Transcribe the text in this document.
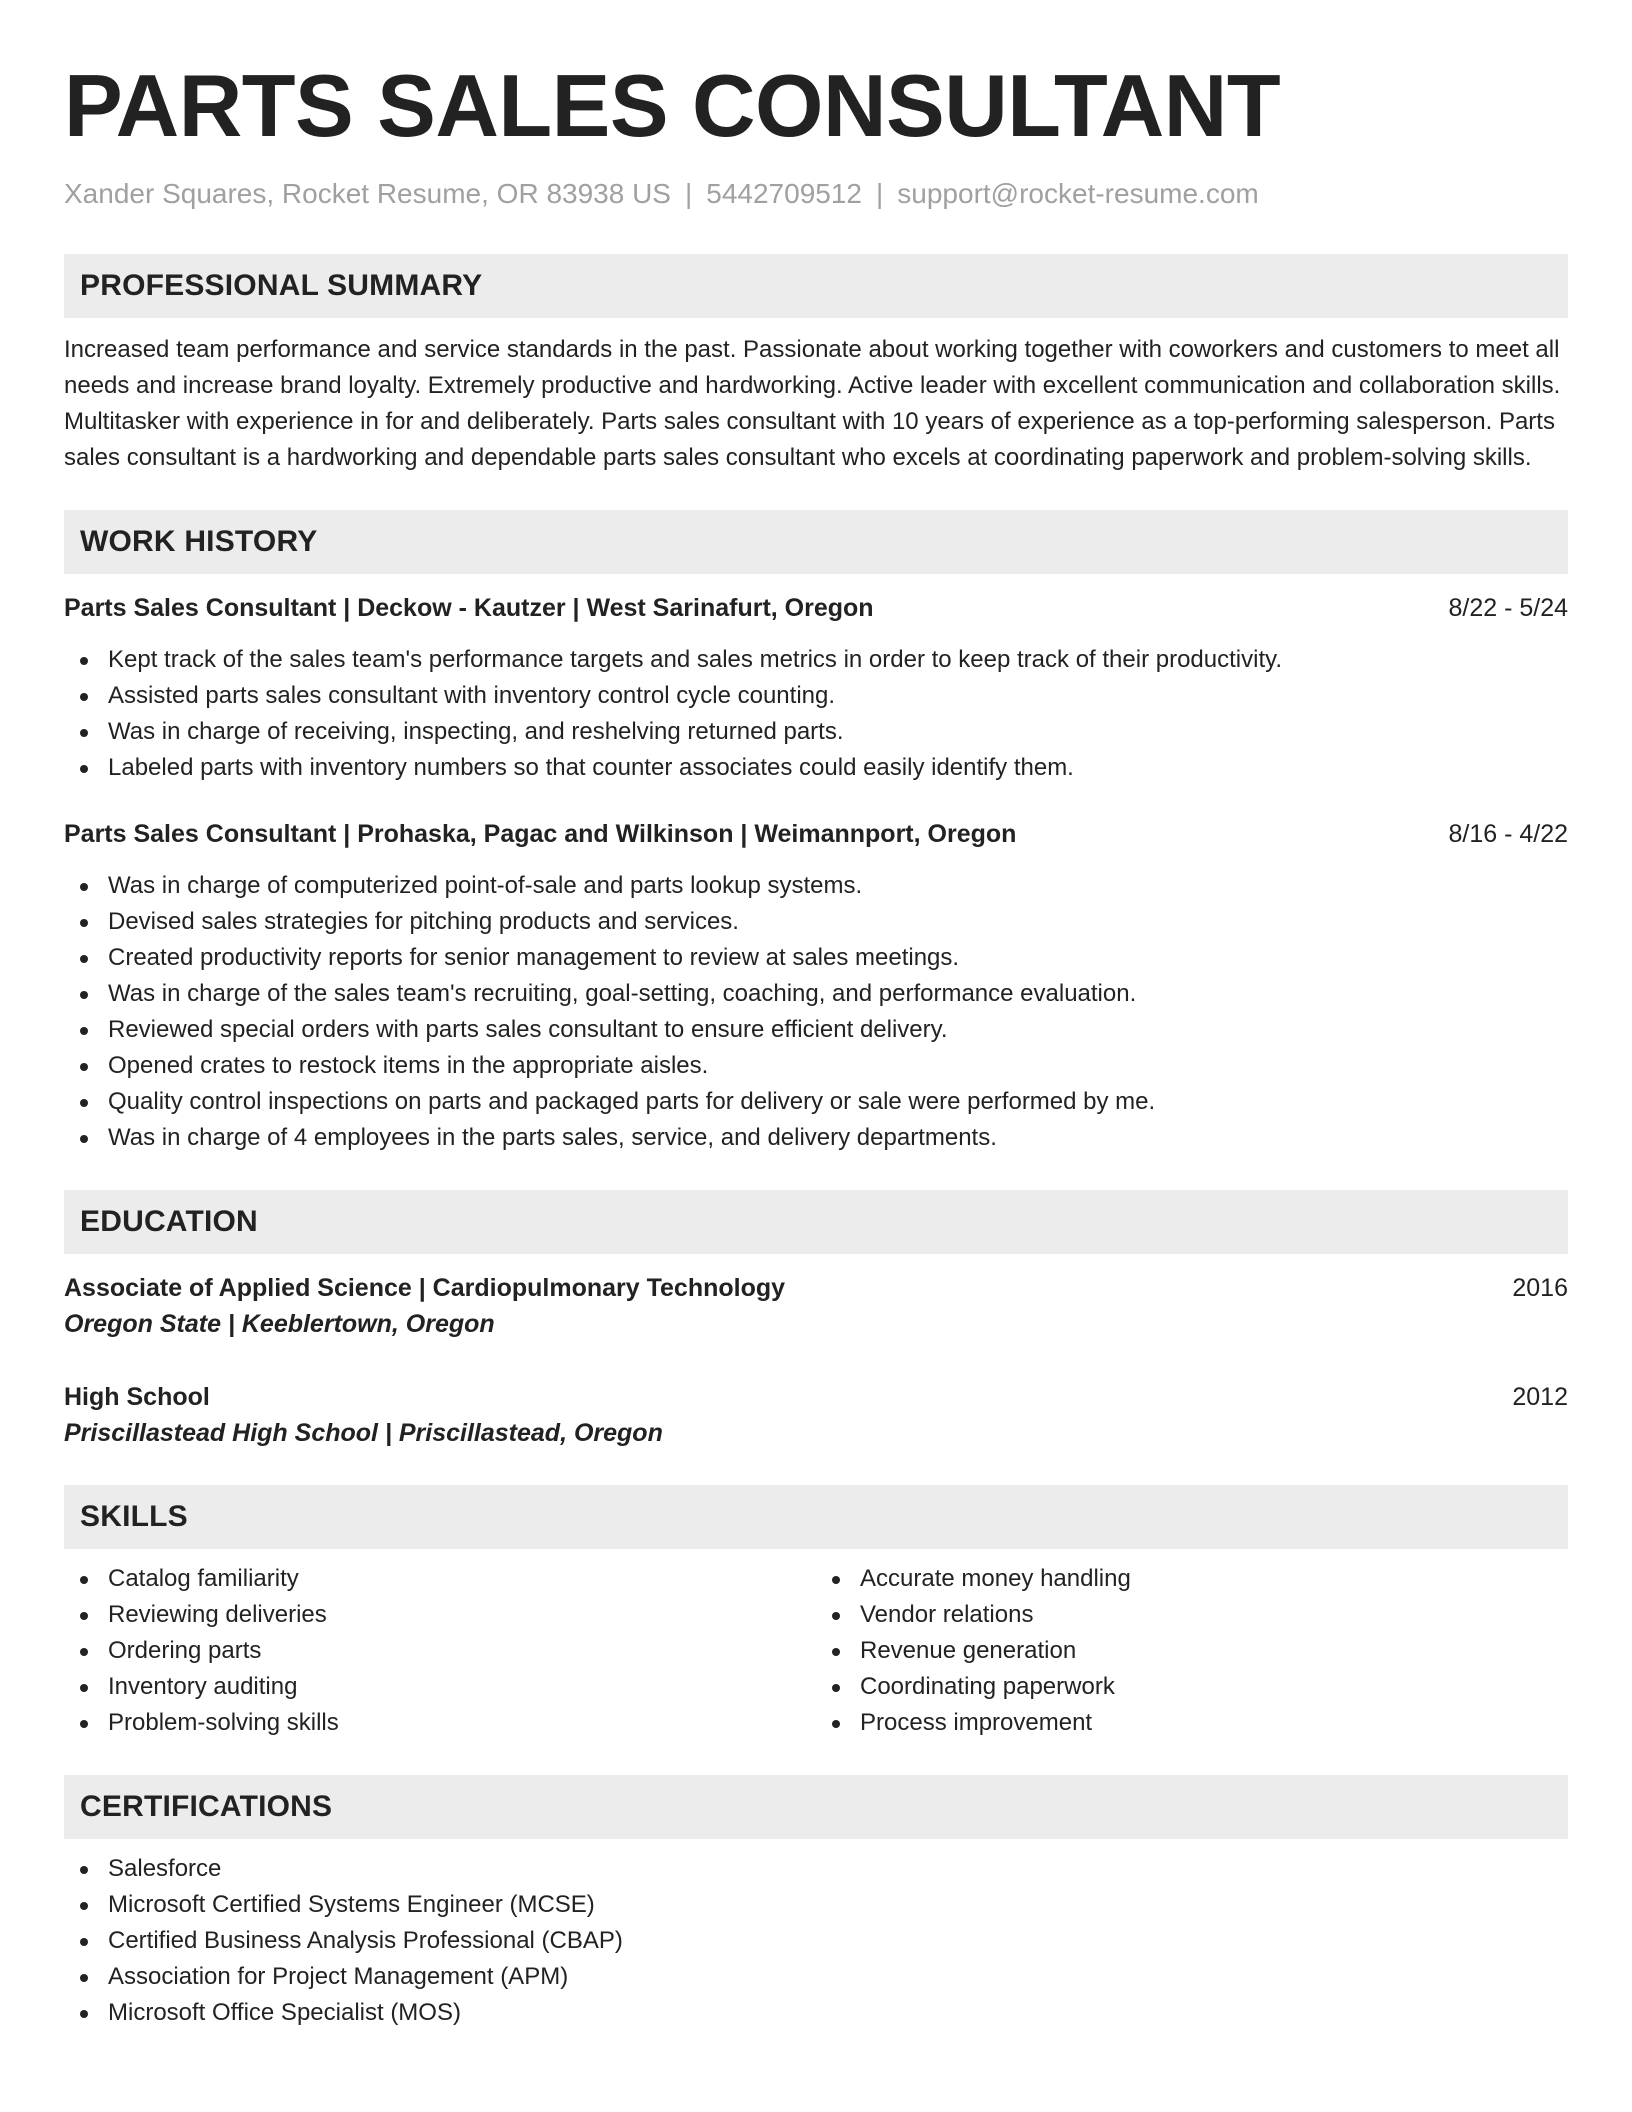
PARTS SALES CONSULTANT
Xander Squares, Rocket Resume, OR 83938 US | 5442709512 | support@rocket-resume.com
PROFESSIONAL SUMMARY

Increased team performance and service standards in the past. Passionate about working together with coworkers and customers to meet all needs and increase brand loyalty. Extremely productive and hardworking. Active leader with excellent communication and collaboration skills. Multitasker with experience in for and deliberately. Parts sales consultant with 10 years of experience as a top-performing salesperson. Parts sales consultant is a hardworking and dependable parts sales consultant who excels at coordinating paperwork and problem-solving skills.

WORK HISTORY
Parts Sales Consultant | Deckow - Kautzer | West Sarinafurt, Oregon	8/22 - 5/24
Kept track of the sales team's performance targets and sales metrics in order to keep track of their productivity.
Assisted parts sales consultant with inventory control cycle counting.
Was in charge of receiving, inspecting, and reshelving returned parts.
Labeled parts with inventory numbers so that counter associates could easily identify them.
Parts Sales Consultant | Prohaska, Pagac and Wilkinson | Weimannport, Oregon	8/16 - 4/22
Was in charge of computerized point-of-sale and parts lookup systems.
Devised sales strategies for pitching products and services.
Created productivity reports for senior management to review at sales meetings.
Was in charge of the sales team's recruiting, goal-setting, coaching, and performance evaluation.
Reviewed special orders with parts sales consultant to ensure efficient delivery.
Opened crates to restock items in the appropriate aisles.
Quality control inspections on parts and packaged parts for delivery or sale were performed by me.
Was in charge of 4 employees in the parts sales, service, and delivery departments.
EDUCATION
Associate of Applied Science | Cardiopulmonary Technology	2016
Oregon State | Keeblertown, Oregon
High School	2012
Priscillastead High School | Priscillastead, Oregon
SKILLS
Catalog familiarity
Reviewing deliveries
Ordering parts
Inventory auditing
Problem-solving skills
Accurate money handling
Vendor relations
Revenue generation
Coordinating paperwork
Process improvement
CERTIFICATIONS
Salesforce
Microsoft Certified Systems Engineer (MCSE)
Certified Business Analysis Professional (CBAP)
Association for Project Management (APM)
Microsoft Office Specialist (MOS)
